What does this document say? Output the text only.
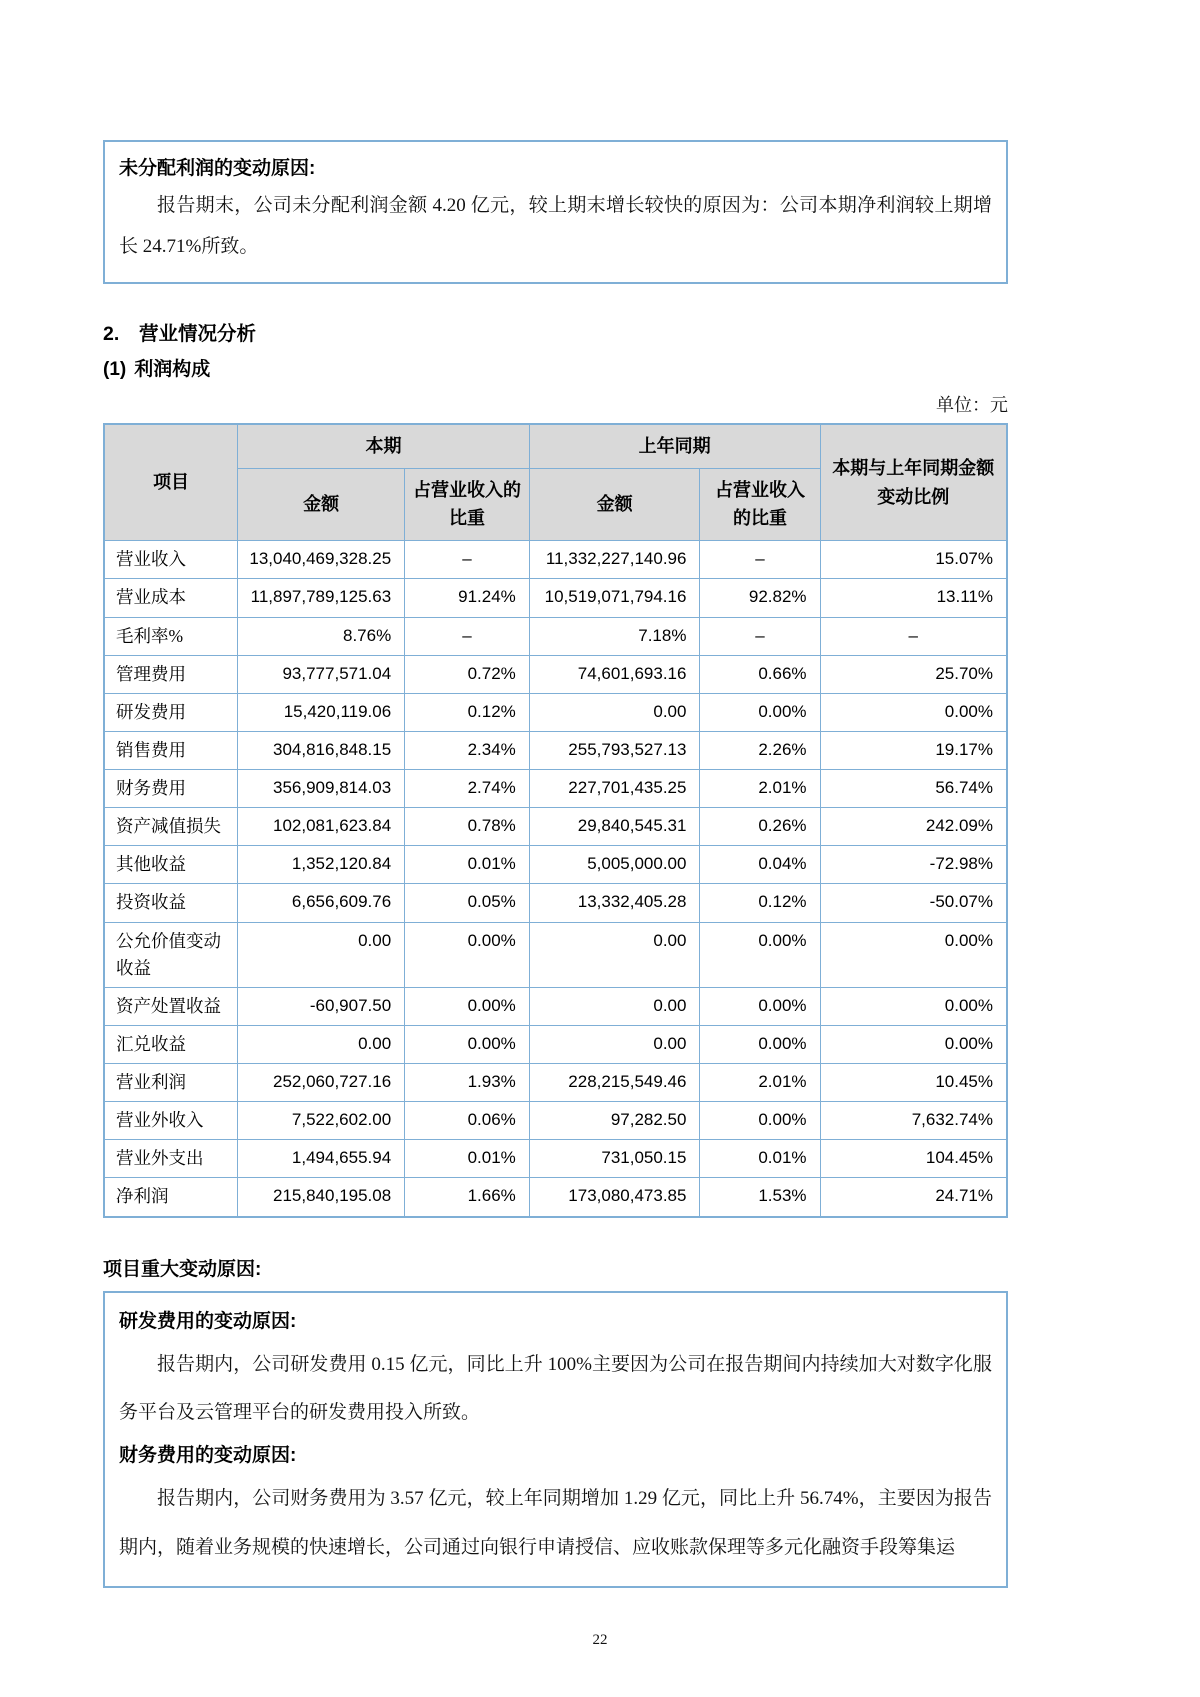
未分配利润的变动原因:

报告期末，公司未分配利润金额 4.20 亿元，较上期末增长较快的原因为：公司本期净利润较上期增长 24.71%所致。

2. 营业情况分析
(1) 利润构成
单位：元
项目	本期		上年同期		本期与上年同期金额变动比例
	金额	占营业收入的比重	金额	占营业收入的比重	
营业收入	13,040,469,328.25	–	11,332,227,140.96	–	15.07%
营业成本	11,897,789,125.63	91.24%	10,519,071,794.16	92.82%	13.11%
毛利率%	8.76%	–	7.18%	–	–
管理费用	93,777,571.04	0.72%	74,601,693.16	0.66%	25.70%
研发费用	15,420,119.06	0.12%	0.00	0.00%	0.00%
销售费用	304,816,848.15	2.34%	255,793,527.13	2.26%	19.17%
财务费用	356,909,814.03	2.74%	227,701,435.25	2.01%	56.74%
资产减值损失	102,081,623.84	0.78%	29,840,545.31	0.26%	242.09%
其他收益	1,352,120.84	0.01%	5,005,000.00	0.04%	-72.98%
投资收益	6,656,609.76	0.05%	13,332,405.28	0.12%	-50.07%
公允价值变动收益	0.00	0.00%	0.00	0.00%	0.00%
资产处置收益	-60,907.50	0.00%	0.00	0.00%	0.00%
汇兑收益	0.00	0.00%	0.00	0.00%	0.00%
营业利润	252,060,727.16	1.93%	228,215,549.46	2.01%	10.45%
营业外收入	7,522,602.00	0.06%	97,282.50	0.00%	7,632.74%
营业外支出	1,494,655.94	0.01%	731,050.15	0.01%	104.45%
净利润	215,840,195.08	1.66%	173,080,473.85	1.53%	24.71%
项目重大变动原因:
研发费用的变动原因:

报告期内，公司研发费用 0.15 亿元，同比上升 100%主要因为公司在报告期间内持续加大对数字化服务平台及云管理平台的研发费用投入所致。

财务费用的变动原因:

报告期内，公司财务费用为 3.57 亿元，较上年同期增加 1.29 亿元，同比上升 56.74%，主要因为报告期内，随着业务规模的快速增长，公司通过向银行申请授信、应收账款保理等多元化融资手段筹集运

22
